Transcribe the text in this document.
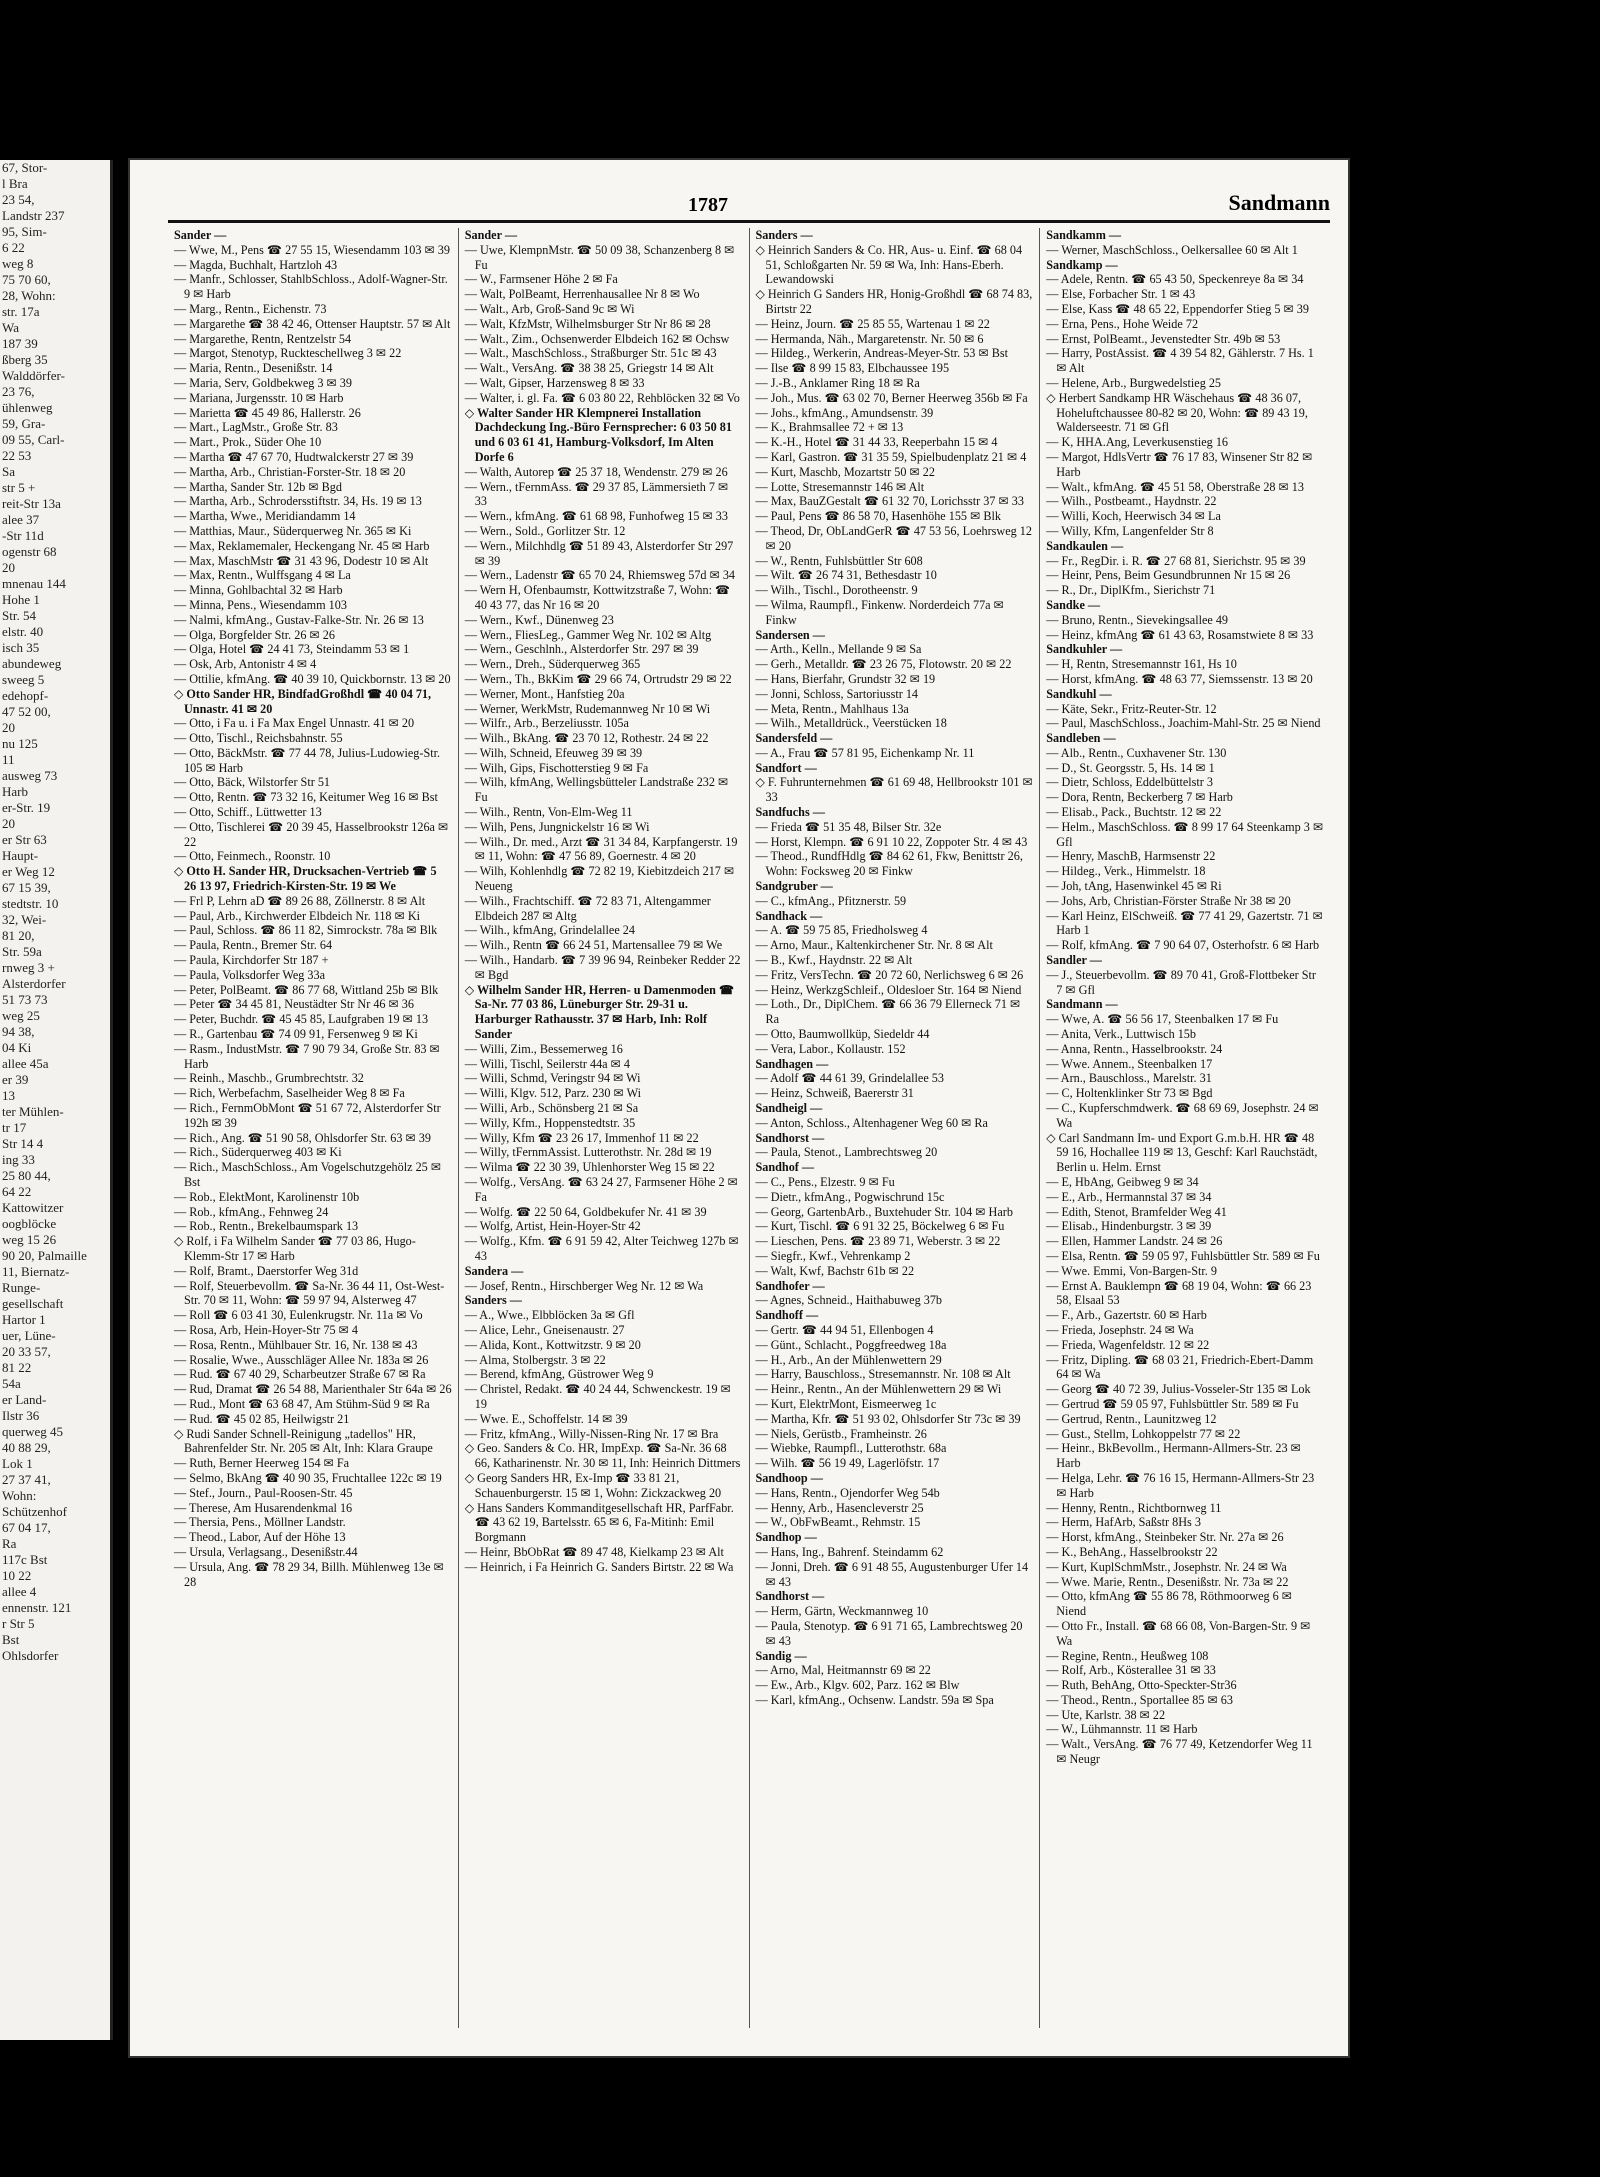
67, Stor-
l Bra
23 54,
Landstr 237
95, Sim-
6 22
weg 8
75 70 60,
28, Wohn:
str. 17a
Wa
187 39
ßberg 35
Walddörfer-
23 76,
ühlenweg
59, Gra-
09 55, Carl-
22 53
Sa
str 5 +
reit-Str 13a
alee 37
-Str 11d
ogenstr 68
20
mnenau 144
Hohe 1
Str. 54
elstr. 40
isch 35
abundeweg
sweeg 5
edehopf-
47 52 00,
20
nu 125
11
ausweg 73
Harb
er-Str. 19
20
er Str 63
Haupt-
er Weg 12
67 15 39,
stedtstr. 10
32, Wei-
81 20,
Str. 59a
rnweg 3 +
Alsterdorfer
51 73 73
weg 25
94 38,
04 Ki
allee 45a
er 39
13
ter Mühlen-
tr 17
Str 14 4
ing 33
25 80 44,
64 22
Kattowitzer
oogblöcke
weg 15 26
90 20, Palmaille
11, Biernatz-
Runge-
gesellschaft
Hartor 1
uer, Lüne-
20 33 57,
81 22
54a
er Land-
Ilstr 36
querweg 45
40 88 29,
Lok 1
27 37 41,
Wohn:
Schützenhof
67 04 17,
Ra
117c Bst
10 22
allee 4
ennenstr. 121
r Str 5
Bst
Ohlsdorfer
1787	Sandmann
Sander —
— Wwe, M., Pens ☎ 27 55 15, Wiesendamm 103 ✉ 39
— Magda, Buchhalt, Hartzloh 43
— Manfr., Schlosser, StahlbSchloss., Adolf-Wagner-Str. 9 ✉ Harb
— Marg., Rentn., Eichenstr. 73
— Margarethe ☎ 38 42 46, Ottenser Hauptstr. 57 ✉ Alt
— Margarethe, Rentn, Rentzelstr 54
— Margot, Stenotyp, Ruckteschellweg 3 ✉ 22
— Maria, Rentn., Desenißstr. 14
— Maria, Serv, Goldbekweg 3 ✉ 39
— Mariana, Jurgensstr. 10 ✉ Harb
— Marietta ☎ 45 49 86, Hallerstr. 26
— Mart., LagMstr., Große Str. 83
— Mart., Prok., Süder Ohe 10
— Martha ☎ 47 67 70, Hudtwalckerstr 27 ✉ 39
— Martha, Arb., Christian-Forster-Str. 18 ✉ 20
— Martha, Sander Str. 12b ✉ Bgd
— Martha, Arb., Schrodersstiftstr. 34, Hs. 19 ✉ 13
— Martha, Wwe., Meridiandamm 14
— Matthias, Maur., Süderquerweg Nr. 365 ✉ Ki
— Max, Reklamemaler, Heckengang Nr. 45 ✉ Harb
— Max, MaschMstr ☎ 31 43 96, Dodestr 10 ✉ Alt
— Max, Rentn., Wulffsgang 4 ✉ La
— Minna, Gohlbachtal 32 ✉ Harb
— Minna, Pens., Wiesendamm 103
— Nalmi, kfmAng., Gustav-Falke-Str. Nr. 26 ✉ 13
— Olga, Borgfelder Str. 26 ✉ 26
— Olga, Hotel ☎ 24 41 73, Steindamm 53 ✉ 1
— Osk, Arb, Antonistr 4 ✉ 4
— Ottilie, kfmAng. ☎ 40 39 10, Quickbornstr. 13 ✉ 20
◇ Otto Sander HR, BindfadGroßhdl ☎ 40 04 71, Unnastr. 41 ✉ 20
— Otto, i Fa u. i Fa Max Engel Unnastr. 41 ✉ 20
— Otto, Tischl., Reichsbahnstr. 55
— Otto, BäckMstr. ☎ 77 44 78, Julius-Ludowieg-Str. 105 ✉ Harb
— Otto, Bäck, Wilstorfer Str 51
— Otto, Rentn. ☎ 73 32 16, Keitumer Weg 16 ✉ Bst
— Otto, Schiff., Lüttwetter 13
— Otto, Tischlerei ☎ 20 39 45, Hasselbrookstr 126a ✉ 22
— Otto, Feinmech., Roonstr. 10
◇ Otto H. Sander HR, Drucksachen-Vertrieb ☎ 5 26 13 97, Friedrich-Kirsten-Str. 19 ✉ We
— Frl P, Lehrn aD ☎ 89 26 88, Zöllnerstr. 8 ✉ Alt
— Paul, Arb., Kirchwerder Elbdeich Nr. 118 ✉ Ki
— Paul, Schloss. ☎ 86 11 82, Simrockstr. 78a ✉ Blk
— Paula, Rentn., Bremer Str. 64
— Paula, Kirchdorfer Str 187 +
— Paula, Volksdorfer Weg 33a
— Peter, PolBeamt. ☎ 86 77 68, Wittland 25b ✉ Blk
— Peter ☎ 34 45 81, Neustädter Str Nr 46 ✉ 36
— Peter, Buchdr. ☎ 45 45 85, Laufgraben 19 ✉ 13
— R., Gartenbau ☎ 74 09 91, Fersenweg 9 ✉ Ki
— Rasm., IndustMstr. ☎ 7 90 79 34, Große Str. 83 ✉ Harb
— Reinh., Maschb., Grumbrechtstr. 32
— Rich, Werbefachm, Saselheider Weg 8 ✉ Fa
— Rich., FernmObMont ☎ 51 67 72, Alsterdorfer Str 192h ✉ 39
— Rich., Ang. ☎ 51 90 58, Ohlsdorfer Str. 63 ✉ 39
— Rich., Süderquerweg 403 ✉ Ki
— Rich., MaschSchloss., Am Vogelschutzgehölz 25 ✉ Bst
— Rob., ElektMont, Karolinenstr 10b
— Rob., kfmAng., Fehnweg 24
— Rob., Rentn., Brekelbaumspark 13
◇ Rolf, i Fa Wilhelm Sander ☎ 77 03 86, Hugo-Klemm-Str 17 ✉ Harb
— Rolf, Bramt., Daerstorfer Weg 31d
— Rolf, Steuerbevollm. ☎ Sa-Nr. 36 44 11, Ost-West-Str. 70 ✉ 11, Wohn: ☎ 59 97 94, Alsterweg 47
— Roll ☎ 6 03 41 30, Eulenkrugstr. Nr. 11a ✉ Vo
— Rosa, Arb, Hein-Hoyer-Str 75 ✉ 4
— Rosa, Rentn., Mühlbauer Str. 16, Nr. 138 ✉ 43
— Rosalie, Wwe., Ausschläger Allee Nr. 183a ✉ 26
— Rud. ☎ 67 40 29, Scharbeutzer Straße 67 ✉ Ra
— Rud, Dramat ☎ 26 54 88, Marienthaler Str 64a ✉ 26
— Rud., Mont ☎ 63 68 47, Am Stühm-Süd 9 ✉ Ra
— Rud. ☎ 45 02 85, Heilwigstr 21
◇ Rudi Sander Schnell-Reinigung „tadellos" HR, Bahrenfelder Str. Nr. 205 ✉ Alt, Inh: Klara Graupe
— Ruth, Berner Heerweg 154 ✉ Fa
— Selmo, BkAng ☎ 40 90 35, Fruchtallee 122c ✉ 19
— Stef., Journ., Paul-Roosen-Str. 45
— Therese, Am Husarendenkmal 16
— Thersia, Pens., Möllner Landstr.
— Theod., Labor, Auf der Höhe 13
— Ursula, Verlagsang., Desenißstr.44
— Ursula, Ang. ☎ 78 29 34, Billh. Mühlenweg 13e ✉ 28
Sander —
— Uwe, KlempnMstr. ☎ 50 09 38, Schanzenberg 8 ✉ Fu
— W., Farmsener Höhe 2 ✉ Fa
— Walt, PolBeamt, Herrenhausallee Nr 8 ✉ Wo
— Walt., Arb, Groß-Sand 9c ✉ Wi
— Walt, KfzMstr, Wilhelmsburger Str Nr 86 ✉ 28
— Walt., Zim., Ochsenwerder Elbdeich 162 ✉ Ochsw
— Walt., MaschSchloss., Straßburger Str. 51c ✉ 43
— Walt., VersAng. ☎ 38 38 25, Griegstr 14 ✉ Alt
— Walt, Gipser, Harzensweg 8 ✉ 33
— Walter, i. gl. Fa. ☎ 6 03 80 22, Rehblöcken 32 ✉ Vo
◇ Walter Sander HR Klempnerei Installation Dachdeckung Ing.-Büro Fernsprecher: 6 03 50 81 und 6 03 61 41, Hamburg-Volksdorf, Im Alten Dorfe 6
— Walth, Autorep ☎ 25 37 18, Wendenstr. 279 ✉ 26
— Wern., tFernmAss. ☎ 29 37 85, Lämmersieth 7 ✉ 33
— Wern., kfmAng. ☎ 61 68 98, Funhofweg 15 ✉ 33
— Wern., Sold., Gorlitzer Str. 12
— Wern., Milchhdlg ☎ 51 89 43, Alsterdorfer Str 297 ✉ 39
— Wern., Ladenstr ☎ 65 70 24, Rhiemsweg 57d ✉ 34
— Wern H, Ofenbaumstr, Kottwitzstraße 7, Wohn: ☎ 40 43 77, das Nr 16 ✉ 20
— Wern., Kwf., Dünenweg 23
— Wern., FliesLeg., Gammer Weg Nr. 102 ✉ Altg
— Wern., Geschlnh., Alsterdorfer Str. 297 ✉ 39
— Wern., Dreh., Süderquerweg 365
— Wern., Th., BkKim ☎ 29 66 74, Ortrudstr 29 ✉ 22
— Werner, Mont., Hanfstieg 20a
— Werner, WerkMstr, Rudemannweg Nr 10 ✉ Wi
— Wilfr., Arb., Berzeliusstr. 105a
— Wilh., BkAng. ☎ 23 70 12, Rothestr. 24 ✉ 22
— Wilh, Schneid, Efeuweg 39 ✉ 39
— Wilh, Gips, Fischotterstieg 9 ✉ Fa
— Wilh, kfmAng, Wellingsbütteler Landstraße 232 ✉ Fu
— Wilh., Rentn, Von-Elm-Weg 11
— Wilh, Pens, Jungnickelstr 16 ✉ Wi
— Wilh., Dr. med., Arzt ☎ 31 34 84, Karpfangerstr. 19 ✉ 11, Wohn: ☎ 47 56 89, Goernestr. 4 ✉ 20
— Wilh, Kohlenhdlg ☎ 72 82 19, Kiebitzdeich 217 ✉ Neueng
— Wilh., Frachtschiff. ☎ 72 83 71, Altengammer Elbdeich 287 ✉ Altg
— Wilh., kfmAng, Grindelallee 24
— Wilh., Rentn ☎ 66 24 51, Martensallee 79 ✉ We
— Wilh., Handarb. ☎ 7 39 96 94, Reinbeker Redder 22 ✉ Bgd
◇ Wilhelm Sander HR, Herren- u Damenmoden ☎ Sa-Nr. 77 03 86, Lüneburger Str. 29-31 u. Harburger Rathausstr. 37 ✉ Harb, Inh: Rolf Sander
— Willi, Zim., Bessemerweg 16
— Willi, Tischl, Seilerstr 44a ✉ 4
— Willi, Schmd, Veringstr 94 ✉ Wi
— Willi, Klgv. 512, Parz. 230 ✉ Wi
— Willi, Arb., Schönsberg 21 ✉ Sa
— Willy, Kfm., Hoppenstedtstr. 35
— Willy, Kfm ☎ 23 26 17, Immenhof 11 ✉ 22
— Willy, tFernmAssist. Lutterothstr. Nr. 28d ✉ 19
— Wilma ☎ 22 30 39, Uhlenhorster Weg 15 ✉ 22
— Wolfg., VersAng. ☎ 63 24 27, Farmsener Höhe 2 ✉ Fa
— Wolfg. ☎ 22 50 64, Goldbekufer Nr. 41 ✉ 39
— Wolfg, Artist, Hein-Hoyer-Str 42
— Wolfg., Kfm. ☎ 6 91 59 42, Alter Teichweg 127b ✉ 43
Sandera —
— Josef, Rentn., Hirschberger Weg Nr. 12 ✉ Wa
Sanders —
— A., Wwe., Elbblöcken 3a ✉ Gfl
— Alice, Lehr., Gneisenaustr. 27
— Alida, Kont., Kottwitzstr. 9 ✉ 20
— Alma, Stolbergstr. 3 ✉ 22
— Berend, kfmAng, Güstrower Weg 9
— Christel, Redakt. ☎ 40 24 44, Schwenckestr. 19 ✉ 19
— Wwe. E., Schoffelstr. 14 ✉ 39
— Fritz, kfmAng., Willy-Nissen-Ring Nr. 17 ✉ Bra
◇ Geo. Sanders & Co. HR, ImpExp. ☎ Sa-Nr. 36 68 66, Katharinenstr. Nr. 30 ✉ 11, Inh: Heinrich Dittmers
◇ Georg Sanders HR, Ex-Imp ☎ 33 81 21, Schauenburgerstr. 15 ✉ 1, Wohn: Zickzackweg 20
◇ Hans Sanders Kommanditgesellschaft HR, ParfFabr. ☎ 43 62 19, Bartelsstr. 65 ✉ 6, Fa-Mitinh: Emil Borgmann
— Heinr, BbObRat ☎ 89 47 48, Kielkamp 23 ✉ Alt
— Heinrich, i Fa Heinrich G. Sanders Birtstr. 22 ✉ Wa
Sanders —
◇ Heinrich Sanders & Co. HR, Aus- u. Einf. ☎ 68 04 51, Schloßgarten Nr. 59 ✉ Wa, Inh: Hans-Eberh. Lewandowski
◇ Heinrich G Sanders HR, Honig-Großhdl ☎ 68 74 83, Birtstr 22
— Heinz, Journ. ☎ 25 85 55, Wartenau 1 ✉ 22
— Hermanda, Näh., Margaretenstr. Nr. 50 ✉ 6
— Hildeg., Werkerin, Andreas-Meyer-Str. 53 ✉ Bst
— Ilse ☎ 8 99 15 83, Elbchaussee 195
— J.-B., Anklamer Ring 18 ✉ Ra
— Joh., Mus. ☎ 63 02 70, Berner Heerweg 356b ✉ Fa
— Johs., kfmAng., Amundsenstr. 39
— K., Brahmsallee 72 + ✉ 13
— K.-H., Hotel ☎ 31 44 33, Reeperbahn 15 ✉ 4
— Karl, Gastron. ☎ 31 35 59, Spielbudenplatz 21 ✉ 4
— Kurt, Maschb, Mozartstr 50 ✉ 22
— Lotte, Stresemannstr 146 ✉ Alt
— Max, BauZGestalt ☎ 61 32 70, Lorichsstr 37 ✉ 33
— Paul, Pens ☎ 86 58 70, Hasenhöhe 155 ✉ Blk
— Theod, Dr, ObLandGerR ☎ 47 53 56, Loehrsweg 12 ✉ 20
— W., Rentn, Fuhlsbüttler Str 608
— Wilt. ☎ 26 74 31, Bethesdastr 10
— Wilh., Tischl., Dorotheenstr. 9
— Wilma, Raumpfl., Finkenw. Norderdeich 77a ✉ Finkw
Sandersen —
— Arth., Kelln., Mellande 9 ✉ Sa
— Gerh., Metalldr. ☎ 23 26 75, Flotowstr. 20 ✉ 22
— Hans, Bierfahr, Grundstr 32 ✉ 19
— Jonni, Schloss, Sartoriusstr 14
— Meta, Rentn., Mahlhaus 13a
— Wilh., Metalldrück., Veerstücken 18
Sandersfeld —
— A., Frau ☎ 57 81 95, Eichenkamp Nr. 11
Sandfort —
◇ F. Fuhrunternehmen ☎ 61 69 48, Hellbrookstr 101 ✉ 33
Sandfuchs —
— Frieda ☎ 51 35 48, Bilser Str. 32e
— Horst, Klempn. ☎ 6 91 10 22, Zoppoter Str. 4 ✉ 43
— Theod., RundfHdlg ☎ 84 62 61, Fkw, Benittstr 26, Wohn: Focksweg 20 ✉ Finkw
Sandgruber —
— C., kfmAng., Pfitznerstr. 59
Sandhack —
— A. ☎ 59 75 85, Friedholsweg 4
— Arno, Maur., Kaltenkirchener Str. Nr. 8 ✉ Alt
— B., Kwf., Haydnstr. 22 ✉ Alt
— Fritz, VersTechn. ☎ 20 72 60, Nerlichsweg 6 ✉ 26
— Heinz, WerkzgSchleif., Oldesloer Str. 164 ✉ Niend
— Loth., Dr., DiplChem. ☎ 66 36 79 Ellerneck 71 ✉ Ra
— Otto, Baumwollküp, Siedeldr 44
— Vera, Labor., Kollaustr. 152
Sandhagen —
— Adolf ☎ 44 61 39, Grindelallee 53
— Heinz, Schweiß, Baererstr 31
Sandheigl —
— Anton, Schloss., Altenhagener Weg 60 ✉ Ra
Sandhorst —
— Paula, Stenot., Lambrechtsweg 20
Sandhof —
— C., Pens., Elzestr. 9 ✉ Fu
— Dietr., kfmAng., Pogwischrund 15c
— Georg, GartenbArb., Buxtehuder Str. 104 ✉ Harb
— Kurt, Tischl. ☎ 6 91 32 25, Böckelweg 6 ✉ Fu
— Lieschen, Pens. ☎ 23 89 71, Weberstr. 3 ✉ 22
— Siegfr., Kwf., Vehrenkamp 2
— Walt, Kwf, Bachstr 61b ✉ 22
Sandhofer —
— Agnes, Schneid., Haithabuweg 37b
Sandhoff —
— Gertr. ☎ 44 94 51, Ellenbogen 4
— Günt., Schlacht., Poggfreedweg 18a
— H., Arb., An der Mühlenwettern 29
— Harry, Bauschloss., Stresemannstr. Nr. 108 ✉ Alt
— Heinr., Rentn., An der Mühlenwettern 29 ✉ Wi
— Kurt, ElektrMont, Eismeerweg 1c
— Martha, Kfr. ☎ 51 93 02, Ohlsdorfer Str 73c ✉ 39
— Niels, Gerüstb., Framheinstr. 26
— Wiebke, Raumpfl., Lutterothstr. 68a
— Wilh. ☎ 56 19 49, Lagerlöfstr. 17
Sandhoop —
— Hans, Rentn., Ojendorfer Weg 54b
— Henny, Arb., Hasencleverstr 25
— W., ObFwBeamt., Rehmstr. 15
Sandhop —
— Hans, Ing., Bahrenf. Steindamm 62
— Jonni, Dreh. ☎ 6 91 48 55, Augustenburger Ufer 14 ✉ 43
Sandhorst —
— Herm, Gärtn, Weckmannweg 10
— Paula, Stenotyp. ☎ 6 91 71 65, Lambrechtsweg 20 ✉ 43
Sandig —
— Arno, Mal, Heitmannstr 69 ✉ 22
— Ew., Arb., Klgv. 602, Parz. 162 ✉ Blw
— Karl, kfmAng., Ochsenw. Landstr. 59a ✉ Spa
Sandkamm —
— Werner, MaschSchloss., Oelkersallee 60 ✉ Alt 1
Sandkamp —
— Adele, Rentn. ☎ 65 43 50, Speckenreye 8a ✉ 34
— Else, Forbacher Str. 1 ✉ 43
— Else, Kass ☎ 48 65 22, Eppendorfer Stieg 5 ✉ 39
— Erna, Pens., Hohe Weide 72
— Ernst, PolBeamt., Jevenstedter Str. 49b ✉ 53
— Harry, PostAssist. ☎ 4 39 54 82, Gählerstr. 7 Hs. 1 ✉ Alt
— Helene, Arb., Burgwedelstieg 25
◇ Herbert Sandkamp HR Wäschehaus ☎ 48 36 07, Hoheluftchaussee 80-82 ✉ 20, Wohn: ☎ 89 43 19, Walderseestr. 71 ✉ Gfl
— K, HHA.Ang, Leverkusenstieg 16
— Margot, HdlsVertr ☎ 76 17 83, Winsener Str 82 ✉ Harb
— Walt., kfmAng. ☎ 45 51 58, Oberstraße 28 ✉ 13
— Wilh., Postbeamt., Haydnstr. 22
— Willi, Koch, Heerwisch 34 ✉ La
— Willy, Kfm, Langenfelder Str 8
Sandkaulen —
— Fr., RegDir. i. R. ☎ 27 68 81, Sierichstr. 95 ✉ 39
— Heinr, Pens, Beim Gesundbrunnen Nr 15 ✉ 26
— R., Dr., DiplKfm., Sierichstr 71
Sandke —
— Bruno, Rentn., Sievekingsallee 49
— Heinz, kfmAng ☎ 61 43 63, Rosamstwiete 8 ✉ 33
Sandkuhler —
— H, Rentn, Stresemannstr 161, Hs 10
— Horst, kfmAng. ☎ 48 63 77, Siemssenstr. 13 ✉ 20
Sandkuhl —
— Käte, Sekr., Fritz-Reuter-Str. 12
— Paul, MaschSchloss., Joachim-Mahl-Str. 25 ✉ Niend
Sandleben —
— Alb., Rentn., Cuxhavener Str. 130
— D., St. Georgsstr. 5, Hs. 14 ✉ 1
— Dietr, Schloss, Eddelbüttelstr 3
— Dora, Rentn, Beckerberg 7 ✉ Harb
— Elisab., Pack., Buchtstr. 12 ✉ 22
— Helm., MaschSchloss. ☎ 8 99 17 64 Steenkamp 3 ✉ Gfl
— Henry, MaschB, Harmsenstr 22
— Hildeg., Verk., Himmelstr. 18
— Joh, tAng, Hasenwinkel 45 ✉ Ri
— Johs, Arb, Christian-Förster Straße Nr 38 ✉ 20
— Karl Heinz, ElSchweiß. ☎ 77 41 29, Gazertstr. 71 ✉ Harb 1
— Rolf, kfmAng. ☎ 7 90 64 07, Osterhofstr. 6 ✉ Harb
Sandler —
— J., Steuerbevollm. ☎ 89 70 41, Groß-Flottbeker Str 7 ✉ Gfl
Sandmann —
— Wwe, A. ☎ 56 56 17, Steenbalken 17 ✉ Fu
— Anita, Verk., Luttwisch 15b
— Anna, Rentn., Hasselbrookstr. 24
— Wwe. Annem., Steenbalken 17
— Arn., Bauschloss., Marelstr. 31
— C, Holtenklinker Str 73 ✉ Bgd
— C., Kupferschmdwerk. ☎ 68 69 69, Josephstr. 24 ✉ Wa
◇ Carl Sandmann Im- und Export G.m.b.H. HR ☎ 48 59 16, Hochallee 119 ✉ 13, Geschf: Karl Rauchstädt, Berlin u. Helm. Ernst
— E, HbAng, Geibweg 9 ✉ 34
— E., Arb., Hermannstal 37 ✉ 34
— Edith, Stenot, Bramfelder Weg 41
— Elisab., Hindenburgstr. 3 ✉ 39
— Ellen, Hammer Landstr. 24 ✉ 26
— Elsa, Rentn. ☎ 59 05 97, Fuhlsbüttler Str. 589 ✉ Fu
— Wwe. Emmi, Von-Bargen-Str. 9
— Ernst A. Bauklempn ☎ 68 19 04, Wohn: ☎ 66 23 58, Elsaal 53
— F., Arb., Gazertstr. 60 ✉ Harb
— Frieda, Josephstr. 24 ✉ Wa
— Frieda, Wagenfeldstr. 12 ✉ 22
— Fritz, Dipling. ☎ 68 03 21, Friedrich-Ebert-Damm 64 ✉ Wa
— Georg ☎ 40 72 39, Julius-Vosseler-Str 135 ✉ Lok
— Gertrud ☎ 59 05 97, Fuhlsbüttler Str. 589 ✉ Fu
— Gertrud, Rentn., Launitzweg 12
— Gust., Stellm, Lohkoppelstr 77 ✉ 22
— Heinr., BkBevollm., Hermann-Allmers-Str. 23 ✉ Harb
— Helga, Lehr. ☎ 76 16 15, Hermann-Allmers-Str 23 ✉ Harb
— Henny, Rentn., Richtbornweg 11
— Herm, HafArb, Saßstr 8Hs 3
— Horst, kfmAng., Steinbeker Str. Nr. 27a ✉ 26
— K., BehAng., Hasselbrookstr 22
— Kurt, KuplSchmMstr., Josephstr. Nr. 24 ✉ Wa
— Wwe. Marie, Rentn., Desenißstr. Nr. 73a ✉ 22
— Otto, kfmAng ☎ 55 86 78, Röthmoorweg 6 ✉ Niend
— Otto Fr., Install. ☎ 68 66 08, Von-Bargen-Str. 9 ✉ Wa
— Regine, Rentn., Heußweg 108
— Rolf, Arb., Kösterallee 31 ✉ 33
— Ruth, BehAng, Otto-Speckter-Str36
— Theod., Rentn., Sportallee 85 ✉ 63
— Ute, Karlstr. 38 ✉ 22
— W., Lühmannstr. 11 ✉ Harb
— Walt., VersAng. ☎ 76 77 49, Ketzendorfer Weg 11 ✉ Neugr
